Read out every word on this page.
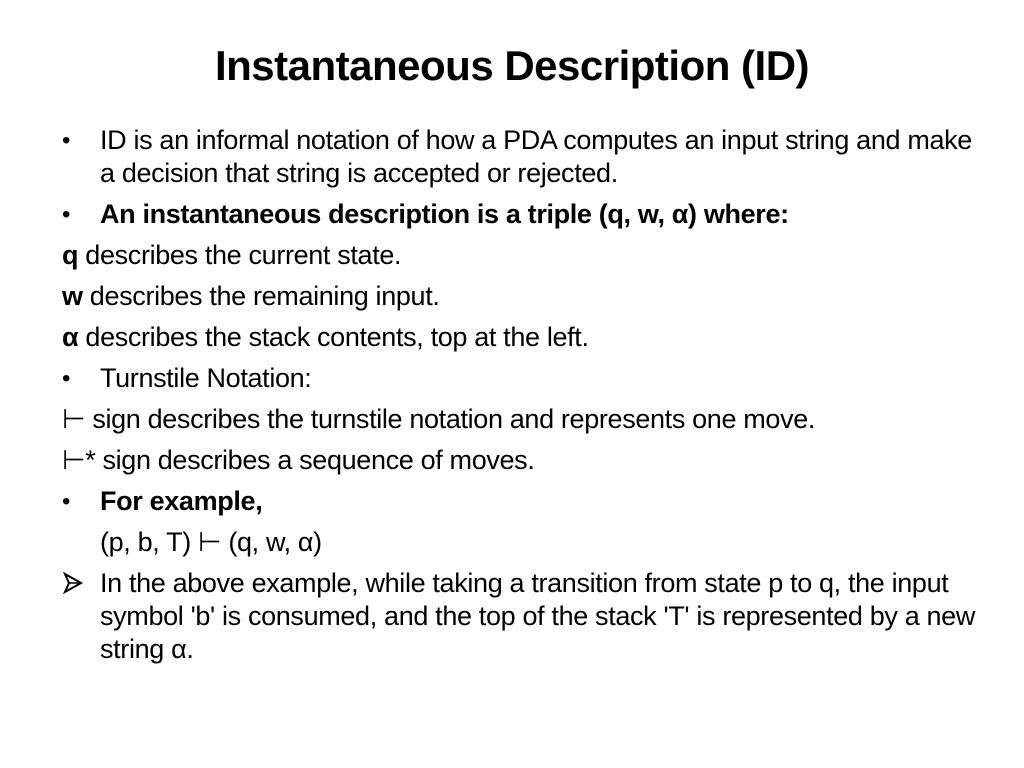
Instantaneous Description (ID)
•	ID is an informal notation of how a PDA computes an input string and make a decision that string is accepted or rejected.
•	An instantaneous description is a triple (q, w, α) where:
q describes the current state.
w describes the remaining input.
α describes the stack contents, top at the left.
•	Turnstile Notation:
⊢ sign describes the turnstile notation and represents one move.
⊢* sign describes a sequence of moves.
•	For example,
(p, b, T) ⊢ (q, w, α)
In the above example, while taking a transition from state p to q, the input symbol 'b' is consumed, and the top of the stack 'T' is represented by a new string α.
